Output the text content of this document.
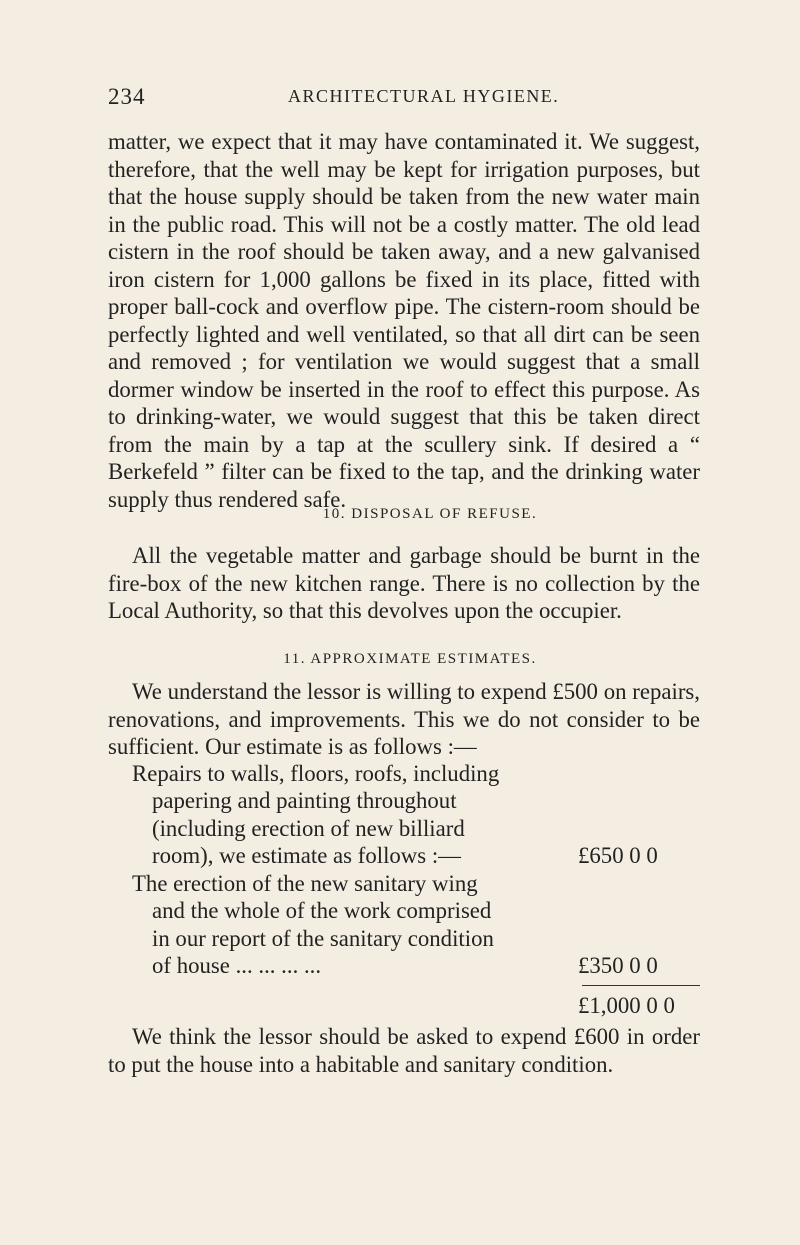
234	ARCHITECTURAL HYGIENE.

matter, we expect that it may have contaminated it. We suggest, therefore, that the well may be kept for irrigation purposes, but that the house supply should be taken from the new water main in the public road. This will not be a costly matter. The old lead cistern in the roof should be taken away, and a new galvanised iron cistern for 1,000 gallons be fixed in its place, fitted with proper ball-cock and overflow pipe. The cistern-room should be perfectly lighted and well ventilated, so that all dirt can be seen and removed ; for ventilation we would suggest that a small dormer window be inserted in the roof to effect this purpose. As to drinking-water, we would suggest that this be taken direct from the main by a tap at the scullery sink. If desired a “ Berkefeld ” filter can be fixed to the tap, and the drinking water supply thus rendered safe.

10. DISPOSAL OF REFUSE.

All the vegetable matter and garbage should be burnt in the fire-box of the new kitchen range. There is no collection by the Local Authority, so that this devolves upon the occupier.

11. APPROXIMATE ESTIMATES.

We understand the lessor is willing to expend £500 on repairs, renovations, and improvements. This we do not consider to be sufficient. Our estimate is as follows :—

Repairs to walls, floors, roofs, including
papering and painting throughout
(including erection of new billiard
room), we estimate as follows :—	£650 0 0
The erection of the new sanitary wing
and the whole of the work comprised
in our report of the sanitary condition
of house ... ... ... ...	£350 0 0
£1,000 0 0

We think the lessor should be asked to expend £600 in order to put the house into a habitable and sanitary condition.
